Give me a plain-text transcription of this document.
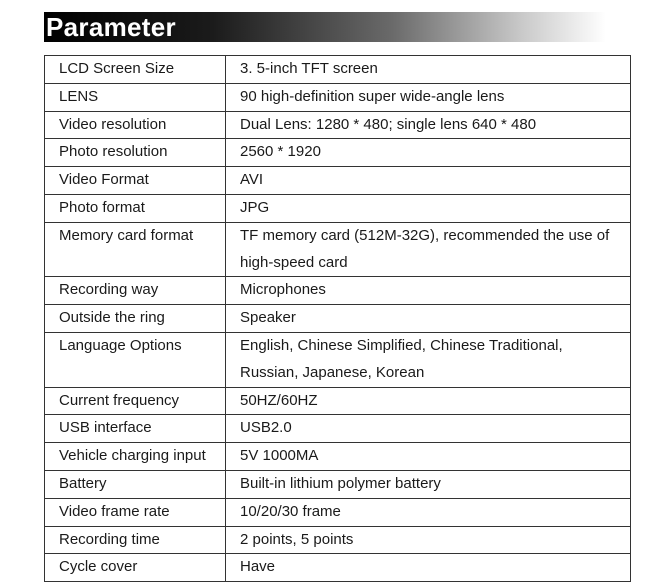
Parameter
LCD Screen Size	3. 5-inch TFT screen
LENS	90 high-definition super wide-angle lens
Video resolution	Dual Lens: 1280 * 480; single lens 640 * 480
Photo resolution	2560 * 1920
Video Format	AVI
Photo format	JPG
Memory card format	TF memory card (512M-32G), recommended the use of high-speed card
Recording way	Microphones
Outside the ring	Speaker
Language Options	English, Chinese Simplified, Chinese Traditional, Russian, Japanese, Korean
Current frequency	50HZ/60HZ
USB interface	USB2.0
Vehicle charging input	5V 1000MA
Battery	Built-in lithium polymer battery
Video frame rate	10/20/30 frame
Recording time	2 points, 5 points
Cycle cover	Have
